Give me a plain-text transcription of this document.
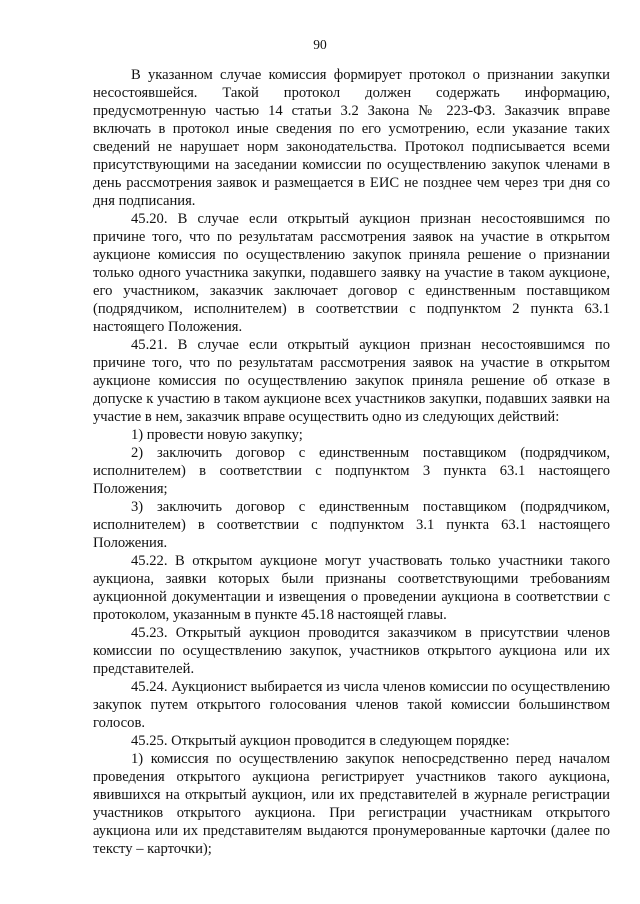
90

В указанном случае комиссия формирует протокол о признании закупки несостоявшейся. Такой протокол должен содержать информацию, предусмотренную частью 14 статьи 3.2 Закона № 223-ФЗ. Заказчик вправе включать в протокол иные сведения по его усмотрению, если указание таких сведений не нарушает норм законодательства. Протокол подписывается всеми присутствующими на заседании комиссии по осуществлению закупок членами в день рассмотрения заявок и размещается в ЕИС не позднее чем через три дня со дня подписания.

45.20. В случае если открытый аукцион признан несостоявшимся по причине того, что по результатам рассмотрения заявок на участие в открытом аукционе комиссия по осуществлению закупок приняла решение о признании только одного участника закупки, подавшего заявку на участие в таком аукционе, его участником, заказчик заключает договор с единственным поставщиком (подрядчиком, исполнителем) в соответствии с подпунктом 2 пункта 63.1 настоящего Положения.

45.21. В случае если открытый аукцион признан несостоявшимся по причине того, что по результатам рассмотрения заявок на участие в открытом аукционе комиссия по осуществлению закупок приняла решение об отказе в допуске к участию в таком аукционе всех участников закупки, подавших заявки на участие в нем, заказчик вправе осуществить одно из следующих действий:

1) провести новую закупку;

2) заключить договор с единственным поставщиком (подрядчиком, исполнителем) в соответствии с подпунктом 3 пункта 63.1 настоящего Положения;

3) заключить договор с единственным поставщиком (подрядчиком, исполнителем) в соответствии с подпунктом 3.1 пункта 63.1 настоящего Положения.

45.22. В открытом аукционе могут участвовать только участники такого аукциона, заявки которых были признаны соответствующими требованиям аукционной документации и извещения о проведении аукциона в соответствии с протоколом, указанным в пункте 45.18 настоящей главы.

45.23. Открытый аукцион проводится заказчиком в присутствии членов комиссии по осуществлению закупок, участников открытого аукциона или их представителей.

45.24. Аукционист выбирается из числа членов комиссии по осуществлению закупок путем открытого голосования членов такой комиссии большинством голосов.

45.25. Открытый аукцион проводится в следующем порядке:

1) комиссия по осуществлению закупок непосредственно перед началом проведения открытого аукциона регистрирует участников такого аукциона, явившихся на открытый аукцион, или их представителей в журнале регистрации участников открытого аукциона. При регистрации участникам открытого аукциона или их представителям выдаются пронумерованные карточки (далее по тексту – карточки);
